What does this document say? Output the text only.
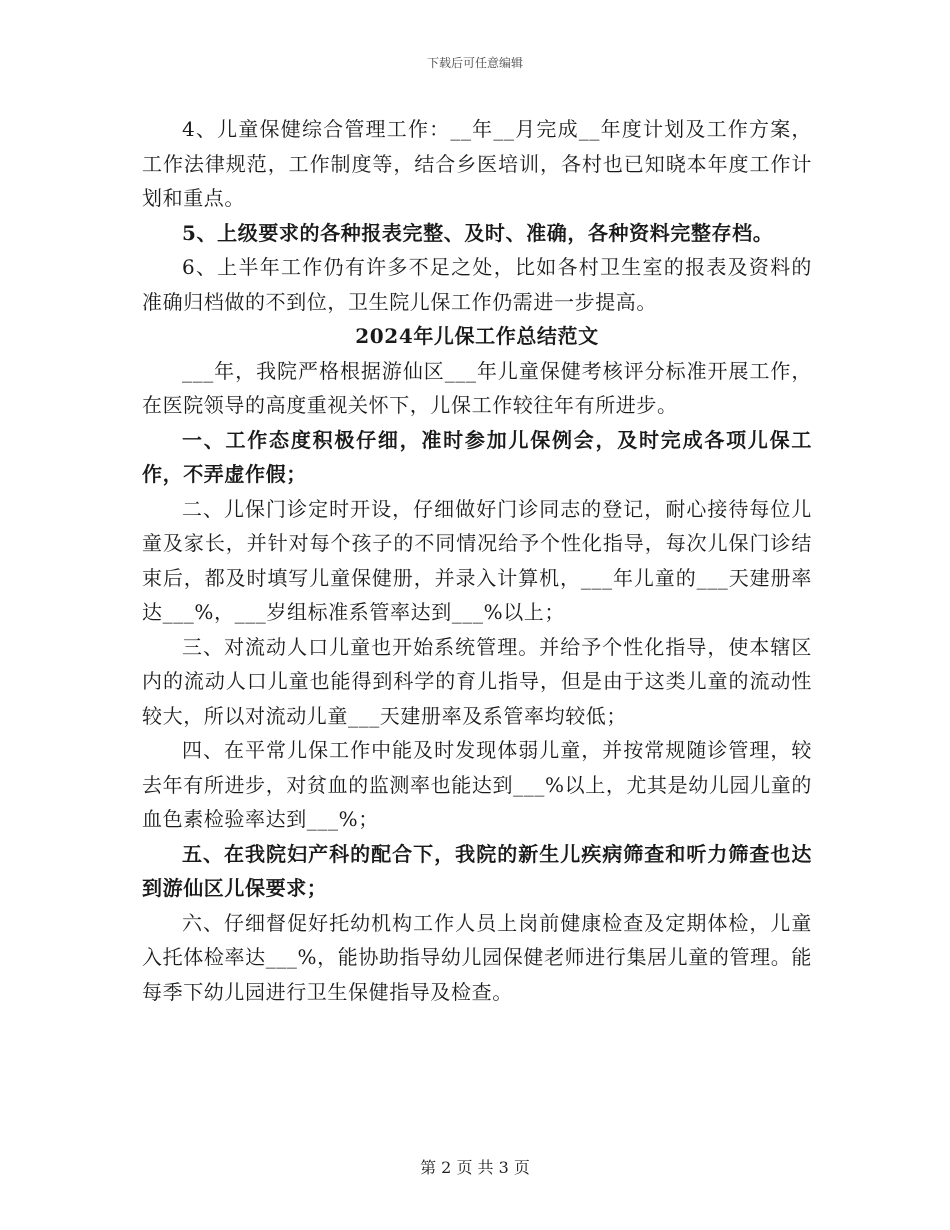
下载后可任意编辑

4、儿童保健综合管理工作：__年__月完成__年度计划及工作方案，工作法律规范，工作制度等，结合乡医培训，各村也已知晓本年度工作计划和重点。

5、上级要求的各种报表完整、及时、准确，各种资料完整存档。

6、上半年工作仍有许多不足之处，比如各村卫生室的报表及资料的准确归档做的不到位，卫生院儿保工作仍需进一步提高。

2024年儿保工作总结范文

___年，我院严格根据游仙区___年儿童保健考核评分标准开展工作，在医院领导的高度重视关怀下，儿保工作较往年有所进步。

一、工作态度积极仔细，准时参加儿保例会，及时完成各项儿保工作，不弄虚作假；

二、儿保门诊定时开设，仔细做好门诊同志的登记，耐心接待每位儿童及家长，并针对每个孩子的不同情况给予个性化指导，每次儿保门诊结束后，都及时填写儿童保健册，并录入计算机，___年儿童的___天建册率达___%，___岁组标准系管率达到___%以上；

三、对流动人口儿童也开始系统管理。并给予个性化指导，使本辖区内的流动人口儿童也能得到科学的育儿指导，但是由于这类儿童的流动性较大，所以对流动儿童___天建册率及系管率均较低；

四、在平常儿保工作中能及时发现体弱儿童，并按常规随诊管理，较去年有所进步，对贫血的监测率也能达到___%以上，尤其是幼儿园儿童的血色素检验率达到___%；

五、在我院妇产科的配合下，我院的新生儿疾病筛查和听力筛查也达到游仙区儿保要求；

六、仔细督促好托幼机构工作人员上岗前健康检查及定期体检，儿童入托体检率达___%，能协助指导幼儿园保健老师进行集居儿童的管理。能每季下幼儿园进行卫生保健指导及检查。

第 2 页 共 3 页
